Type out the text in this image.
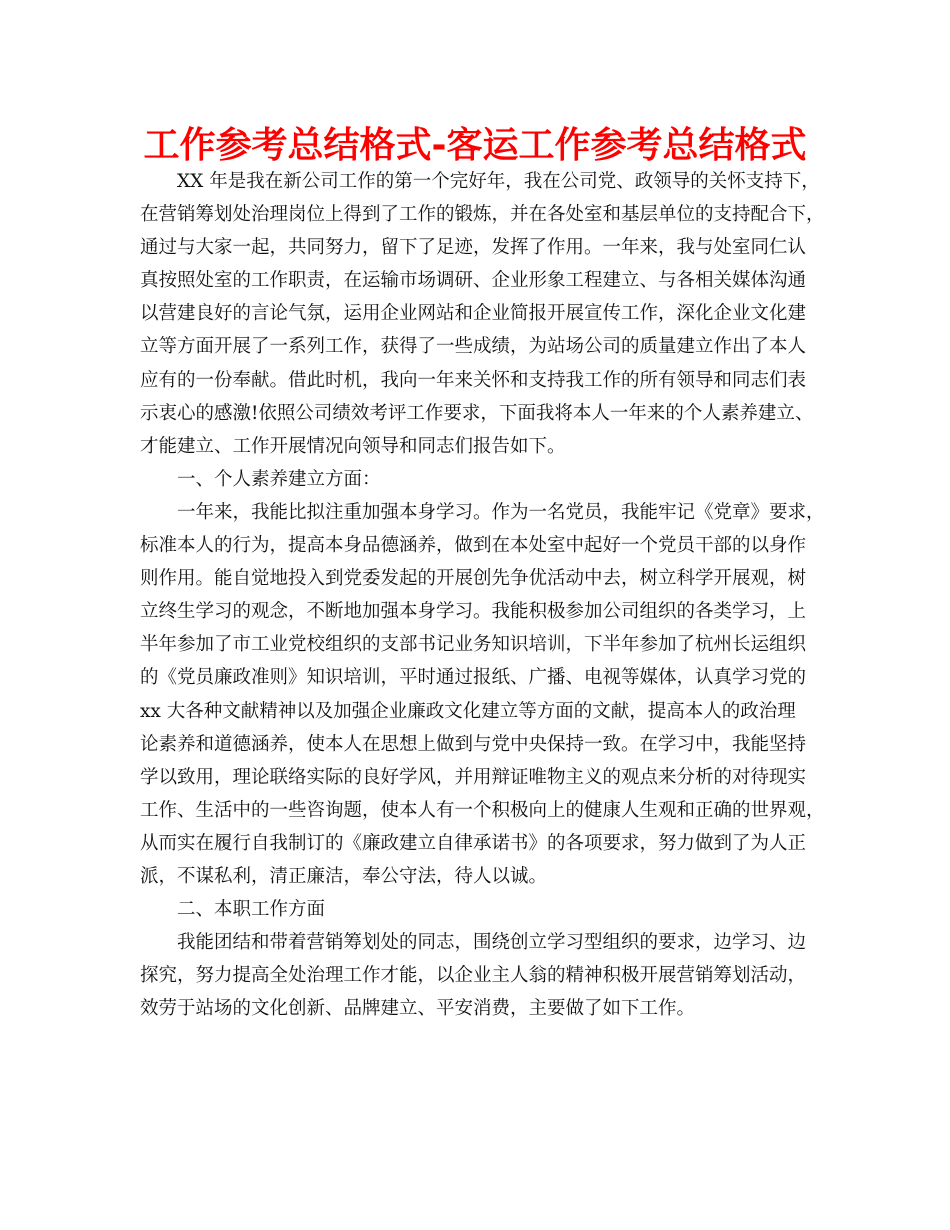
工作参考总结格式-客运工作参考总结格式
XX 年是我在新公司工作的第一个完好年，我在公司党、政领导的关怀支持下，
在营销筹划处治理岗位上得到了工作的锻炼，并在各处室和基层单位的支持配合下，
通过与大家一起，共同努力，留下了足迹，发挥了作用。一年来，我与处室同仁认
真按照处室的工作职责，在运输市场调研、企业形象工程建立、与各相关媒体沟通
以营建良好的言论气氛，运用企业网站和企业简报开展宣传工作，深化企业文化建
立等方面开展了一系列工作，获得了一些成绩，为站场公司的质量建立作出了本人
应有的一份奉献。借此时机，我向一年来关怀和支持我工作的所有领导和同志们表
示衷心的感激!依照公司绩效考评工作要求，下面我将本人一年来的个人素养建立、
才能建立、工作开展情况向领导和同志们报告如下。
一、个人素养建立方面：
一年来，我能比拟注重加强本身学习。作为一名党员，我能牢记《党章》要求，
标准本人的行为，提高本身品德涵养，做到在本处室中起好一个党员干部的以身作
则作用。能自觉地投入到党委发起的开展创先争优活动中去，树立科学开展观，树
立终生学习的观念，不断地加强本身学习。我能积极参加公司组织的各类学习，上
半年参加了市工业党校组织的支部书记业务知识培训，下半年参加了杭州长运组织
的《党员廉政准则》知识培训，平时通过报纸、广播、电视等媒体，认真学习党的
xx 大各种文献精神以及加强企业廉政文化建立等方面的文献，提高本人的政治理
论素养和道德涵养，使本人在思想上做到与党中央保持一致。在学习中，我能坚持
学以致用，理论联络实际的良好学风，并用辩证唯物主义的观点来分析的对待现实
工作、生活中的一些咨询题，使本人有一个积极向上的健康人生观和正确的世界观，
从而实在履行自我制订的《廉政建立自律承诺书》的各项要求，努力做到了为人正
派，不谋私利，清正廉洁，奉公守法，待人以诚。
二、本职工作方面
我能团结和带着营销筹划处的同志，围绕创立学习型组织的要求，边学习、边
探究，努力提高全处治理工作才能，以企业主人翁的精神积极开展营销筹划活动，
效劳于站场的文化创新、品牌建立、平安消费，主要做了如下工作。
